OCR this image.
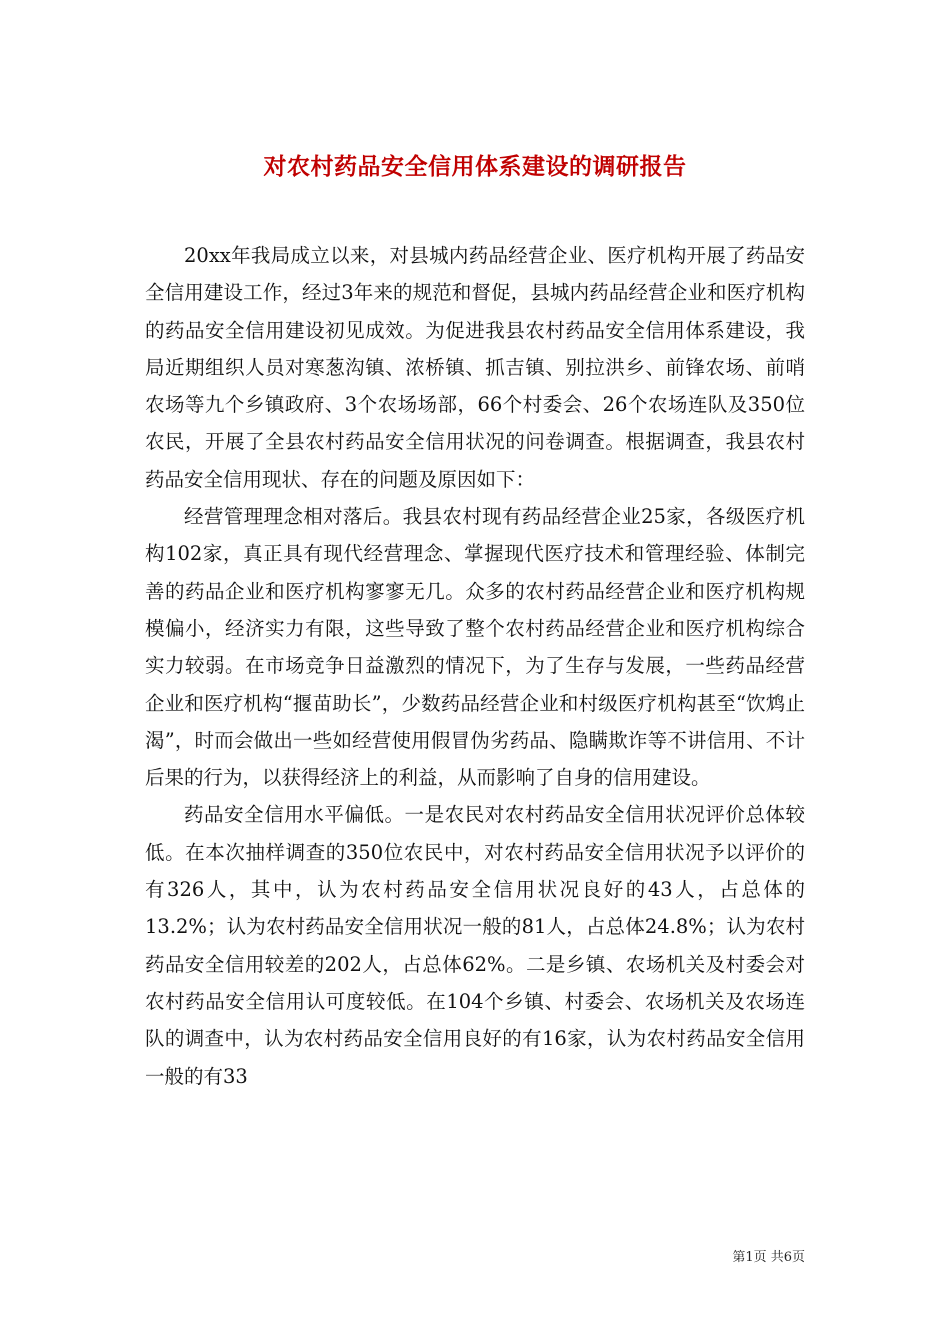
对农村药品安全信用体系建设的调研报告

20xx年我局成立以来，对县城内药品经营企业、医疗机构开展了药品安全信用建设工作，经过3年来的规范和督促，县城内药品经营企业和医疗机构的药品安全信用建设初见成效。为促进我县农村药品安全信用体系建设，我局近期组织人员对寒葱沟镇、浓桥镇、抓吉镇、别拉洪乡、前锋农场、前哨农场等九个乡镇政府、3个农场场部，66个村委会、26个农场连队及350位农民，开展了全县农村药品安全信用状况的问卷调查。根据调查，我县农村药品安全信用现状、存在的问题及原因如下：

经营管理理念相对落后。我县农村现有药品经营企业25家，各级医疗机构102家，真正具有现代经营理念、掌握现代医疗技术和管理经验、体制完善的药品企业和医疗机构寥寥无几。众多的农村药品经营企业和医疗机构规模偏小，经济实力有限，这些导致了整个农村药品经营企业和医疗机构综合实力较弱。在市场竞争日益激烈的情况下，为了生存与发展，一些药品经营企业和医疗机构“揠苗助长”，少数药品经营企业和村级医疗机构甚至“饮鸩止渴”，时而会做出一些如经营使用假冒伪劣药品、隐瞒欺诈等不讲信用、不计后果的行为，以获得经济上的利益，从而影响了自身的信用建设。

药品安全信用水平偏低。一是农民对农村药品安全信用状况评价总体较低。在本次抽样调查的350位农民中，对农村药品安全信用状况予以评价的有326人，其中，认为农村药品安全信用状况良好的43人，占总体的13.2%；认为农村药品安全信用状况一般的81人，占总体24.8%；认为农村药品安全信用较差的202人，占总体62%。二是乡镇、农场机关及村委会对农村药品安全信用认可度较低。在104个乡镇、村委会、农场机关及农场连队的调查中，认为农村药品安全信用良好的有16家，认为农村药品安全信用一般的有33

第1页 共6页
